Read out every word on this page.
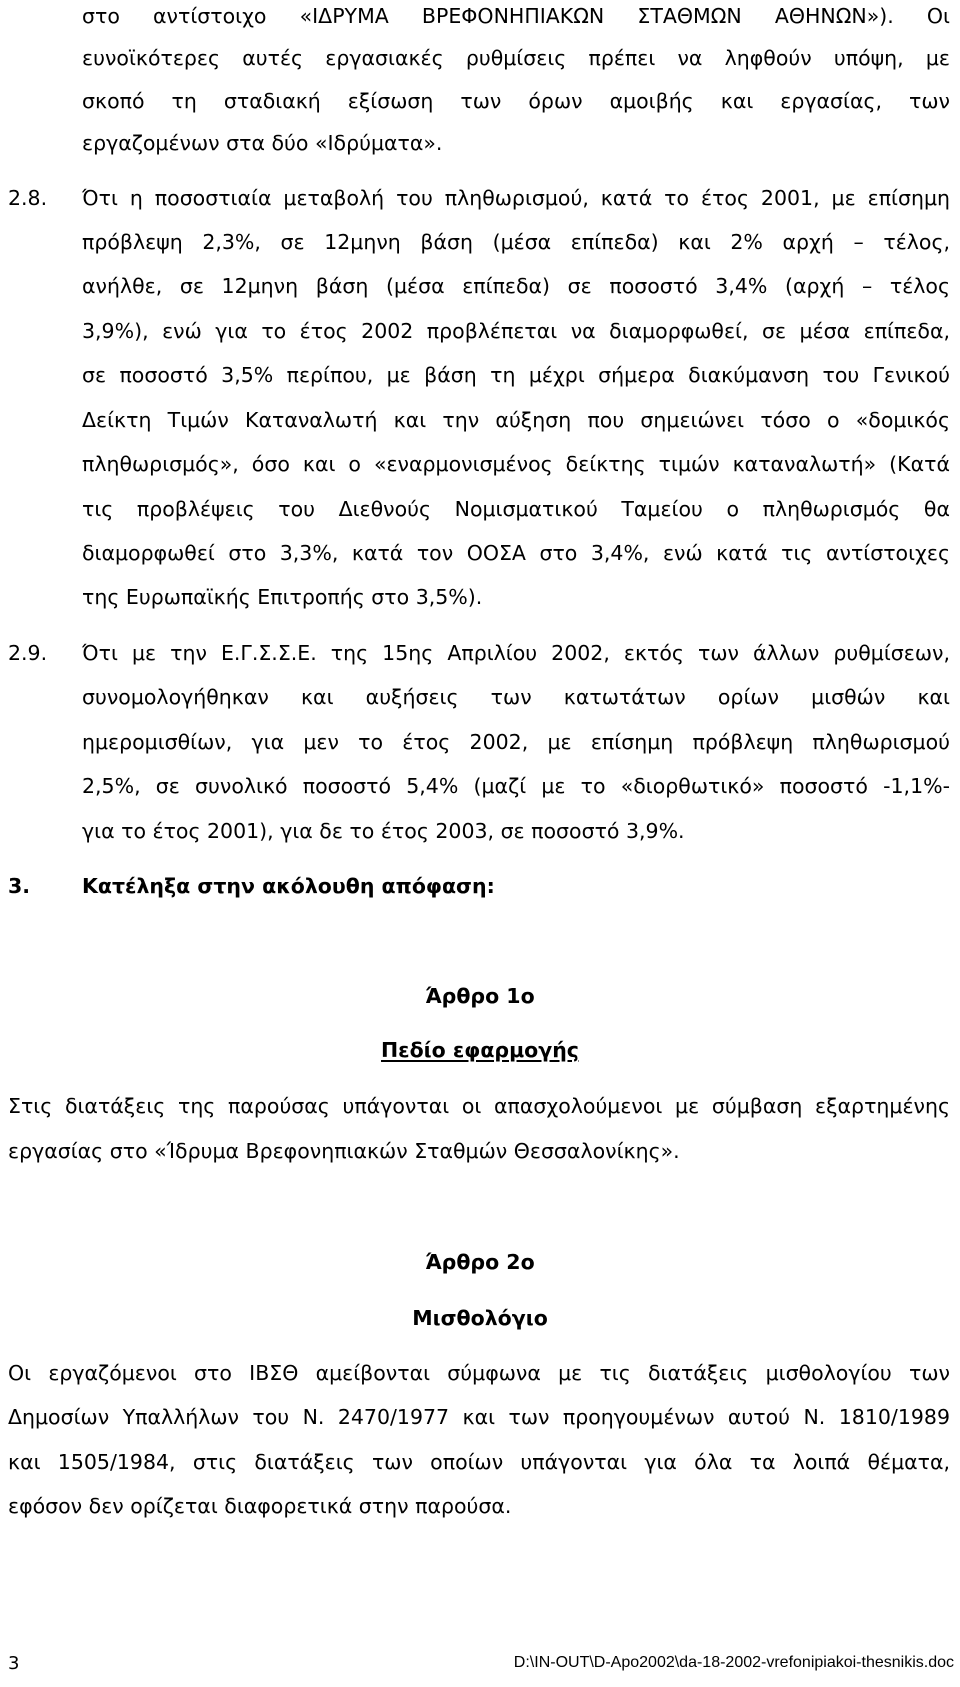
στο αντίστοιχο «ΙΔΡΥΜΑ ΒΡΕΦΟΝΗΠΙΑΚΩΝ ΣΤΑΘΜΩΝ ΑΘΗΝΩΝ»). Οι
ευνοϊκότερες αυτές εργασιακές ρυθμίσεις πρέπει να ληφθούν υπόψη, με
σκοπό τη σταδιακή εξίσωση των όρων αμοιβής και εργασίας, των
εργαζομένων στα δύο «Ιδρύματα».
2.8. Ότι η ποσοστιαία μεταβολή του πληθωρισμού, κατά το έτος 2001, με επίσημη
πρόβλεψη 2,3%, σε 12μηνη βάση (μέσα επίπεδα) και 2% αρχή – τέλος,
ανήλθε, σε 12μηνη βάση (μέσα επίπεδα) σε ποσοστό 3,4% (αρχή – τέλος
3,9%), ενώ για το έτος 2002 προβλέπεται να διαμορφωθεί, σε μέσα επίπεδα,
σε ποσοστό 3,5% περίπου, με βάση τη μέχρι σήμερα διακύμανση του Γενικού
Δείκτη Τιμών Καταναλωτή και την αύξηση που σημειώνει τόσο ο «δομικός
πληθωρισμός», όσο και ο «εναρμονισμένος δείκτης τιμών καταναλωτή» (Κατά
τις προβλέψεις του Διεθνούς Νομισματικού Ταμείου ο πληθωρισμός θα
διαμορφωθεί στο 3,3%, κατά τον ΟΟΣΑ στο 3,4%, ενώ κατά τις αντίστοιχες
της Ευρωπαϊκής Επιτροπής στο 3,5%).
2.9. Ότι με την Ε.Γ.Σ.Σ.Ε. της 15ης Απριλίου 2002, εκτός των άλλων ρυθμίσεων,
συνομολογήθηκαν και αυξήσεις των κατωτάτων ορίων μισθών και
ημερομισθίων, για μεν το έτος 2002, με επίσημη πρόβλεψη πληθωρισμού
2,5%, σε συνολικό ποσοστό 5,4% (μαζί με το «διορθωτικό» ποσοστό -1,1%-
για το έτος 2001), για δε το έτος 2003, σε ποσοστό 3,9%.
3.	Κατέληξα στην ακόλουθη απόφαση:
Άρθρο 1ο
Πεδίο εφαρμογής
Στις διατάξεις της παρούσας υπάγονται οι απασχολούμενοι με σύμβαση εξαρτημένης
εργασίας στο «Ίδρυμα Βρεφονηπιακών Σταθμών Θεσσαλονίκης».
Άρθρο 2ο
Μισθολόγιο
Οι εργαζόμενοι στο ΙΒΣΘ αμείβονται σύμφωνα με τις διατάξεις μισθολογίου των
Δημοσίων Υπαλλήλων του Ν. 2470/1977 και των προηγουμένων αυτού Ν. 1810/1989
και 1505/1984, στις διατάξεις των οποίων υπάγονται για όλα τα λοιπά θέματα,
εφόσον δεν ορίζεται διαφορετικά στην παρούσα.
3	D:\IN-OUT\D-Apo2002\da-18-2002-vrefonipiakoi-thesnikis.doc
